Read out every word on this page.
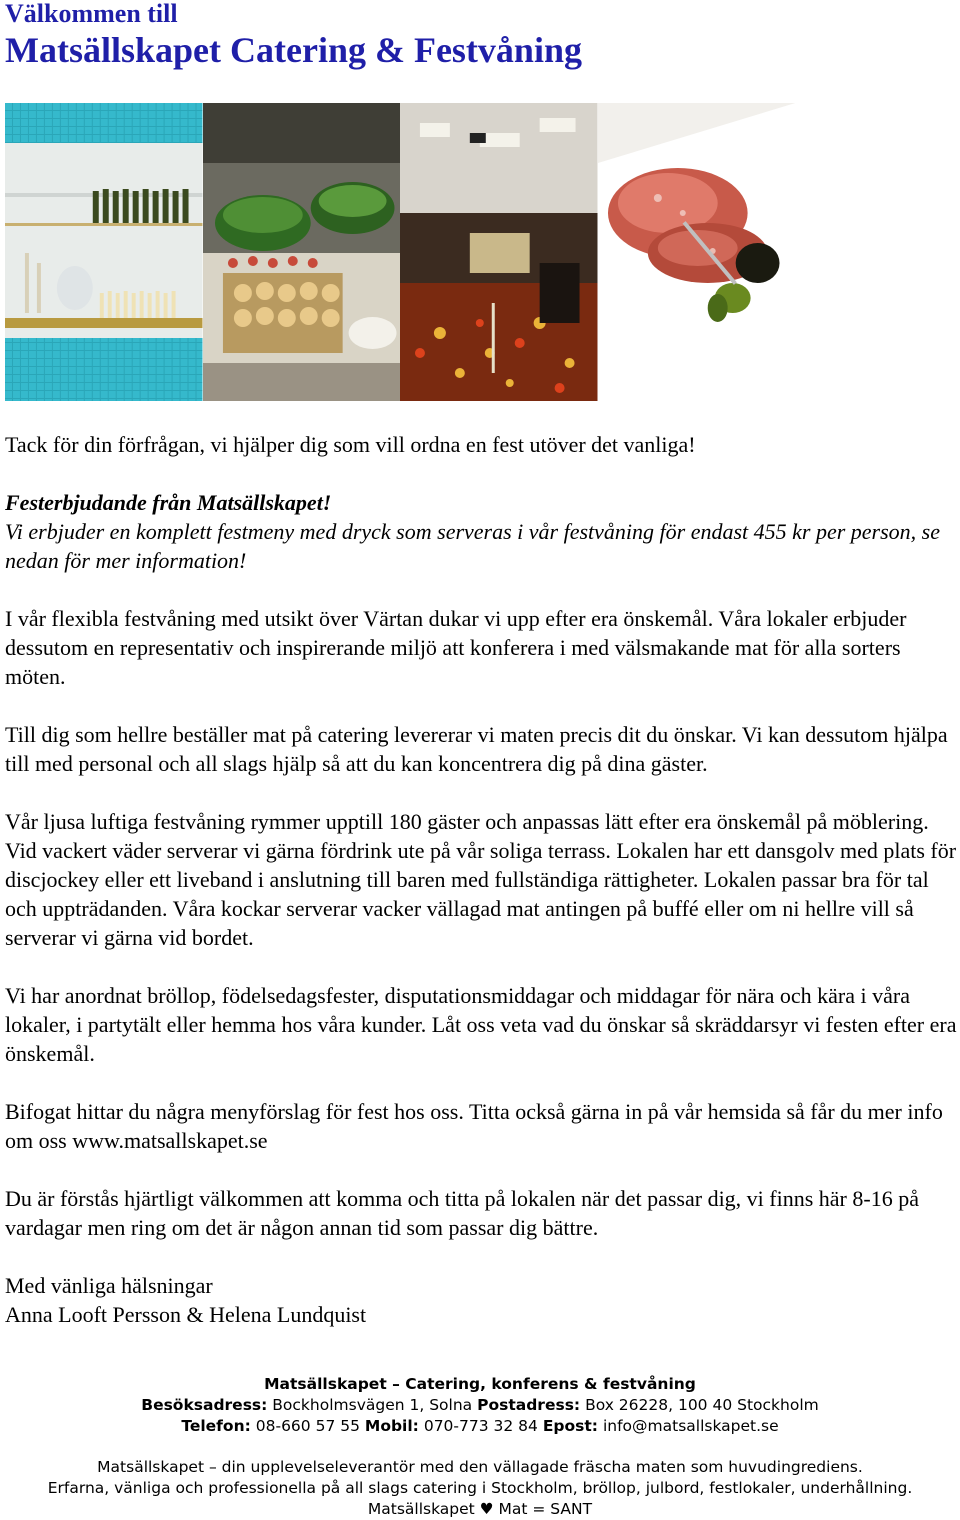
Välkommen till
Matsällskapet Catering & Festvåning

Tack för din förfrågan, vi hjälper dig som vill ordna en fest utöver det vanliga!

Festerbjudande från Matsällskapet!
Vi erbjuder en komplett festmeny med dryck som serveras i vår festvåning för endast 455 kr per person, se nedan för mer information!

I vår flexibla festvåning med utsikt över Värtan dukar vi upp efter era önskemål. Våra lokaler erbjuder dessutom en representativ och inspirerande miljö att konferera i med välsmakande mat för alla sorters möten.

Till dig som hellre beställer mat på catering levererar vi maten precis dit du önskar. Vi kan dessutom hjälpa till med personal och all slags hjälp så att du kan koncentrera dig på dina gäster.

Vår ljusa luftiga festvåning rymmer upptill 180 gäster och anpassas lätt efter era önskemål på möblering. Vid vackert väder serverar vi gärna fördrink ute på vår soliga terrass. Lokalen har ett dansgolv med plats för discjockey eller ett liveband i anslutning till baren med fullständiga rättigheter. Lokalen passar bra för tal och uppträdanden. Våra kockar serverar vacker vällagad mat antingen på buffé eller om ni hellre vill så serverar vi gärna vid bordet.

Vi har anordnat bröllop, födelsedagsfester, disputationsmiddagar och middagar för nära och kära i våra lokaler, i partytält eller hemma hos våra kunder. Låt oss veta vad du önskar så skräddarsyr vi festen efter era önskemål.

Bifogat hittar du några menyförslag för fest hos oss. Titta också gärna in på vår hemsida så får du mer info om oss www.matsallskapet.se

Du är förstås hjärtligt välkommen att komma och titta på lokalen när det passar dig, vi finns här 8-16 på vardagar men ring om det är någon annan tid som passar dig bättre.

Med vänliga hälsningar
Anna Looft Persson & Helena Lundquist

Matsällskapet – Catering, konferens & festvåning
Besöksadress: Bockholmsvägen 1, Solna Postadress: Box 26228, 100 40 Stockholm
Telefon: 08-660 57 55 Mobil: 070-773 32 84 Epost: info@matsallskapet.se
Matsällskapet – din upplevelseleverantör med den vällagade fräscha maten som huvudingrediens.
Erfarna, vänliga och professionella på all slags catering i Stockholm, bröllop, julbord, festlokaler, underhållning.
Matsällskapet ♥ Mat = SANT
